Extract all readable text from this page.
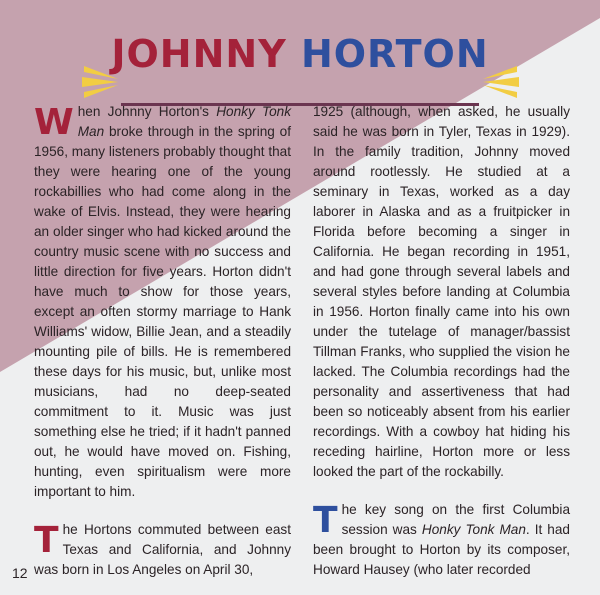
JOHNNY HORTON

When Johnny Horton's Honky Tonk Man broke through in the spring of 1956, many listeners probably thought that they were hearing one of the young rockabillies who had come along in the wake of Elvis. Instead, they were hearing an older singer who had kicked around the country music scene with no success and little direction for five years. Horton didn't have much to show for those years, except an often stormy marriage to Hank Williams' widow, Billie Jean, and a steadily mounting pile of bills. He is remembered these days for his music, but, unlike most musicians, had no deep-seated commitment to it. Music was just something else he tried; if it hadn't panned out, he would have moved on. Fishing, hunting, even spiritualism were more important to him.

The Hortons commuted between east Texas and California, and Johnny was born in Los Angeles on April 30,

1925 (although, when asked, he usually said he was born in Tyler, Texas in 1929). In the family tradition, Johnny moved around rootlessly. He studied at a seminary in Texas, worked as a day laborer in Alaska and as a fruitpicker in Florida before becoming a singer in California. He began recording in 1951, and had gone through several labels and several styles before landing at Columbia in 1956. Horton finally came into his own under the tutelage of manager/bassist Tillman Franks, who supplied the vision he lacked. The Columbia recordings had the personality and assertiveness that had been so noticeably absent from his earlier recordings. With a cowboy hat hiding his receding hairline, Horton more or less looked the part of the rockabilly.

The key song on the first Columbia session was Honky Tonk Man. It had been brought to Horton by its composer, Howard Hausey (who later recorded

12
